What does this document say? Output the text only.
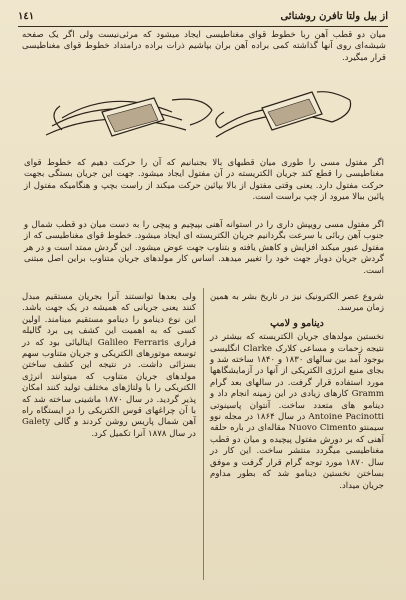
از بیل ولتا تافرن روشنائی
١٤١
میان دو قطب آهن ربا خطوط قوای مغناطیسی ایجاد میشود که مرئی‌نیست ولی اگر یک صفحه شیشه‌ای روی آنها گذاشته کمی براده آهن بران بپاشیم ذرات براده درامتداد خطوط قوای مغناطیسی قرار میگیرد.
اگر مفتول مسی را طوری میان قطبهای بالا بجنبانیم که آن را حرکت دهیم که خطوط قوای مغناطیسی را قطع کند جریان الکتریسته در آن مفتول ایجاد میشود. جهت این جریان بستگی بجهت حرکت مفتول دارد. یعنی وقتی مفتول از بالا بپائین حرکت میکند از راست بچپ و هنگامیکه مفتول از پائین ببالا میرود از چپ براست است.
اگر مفتول مسی رویپش داری را در استوانه آهنی بپیچیم و پیچی را به دست میان دو قطب شمال و جنوب آهن ربائی با سرعت بگردانیم جریان الکتریسته ای ایجاد میشود. خطوط قوای مغناطیسی که از مفتول عبور میکند افزایش و کاهش یافته و بتناوب جهت عوض میشود. این گردش ممتد است و در هر گردش جریان دوبار جهت خود را تغییر میدهد. اساس کار مولدهای جریان متناوب براین اصل مبتنی است.
شروع عصر الکترونیک نیز در تاریخ بشر به همین زمان میرسد.
دینامو و لامپ
نخستین مولدهای جریان الکتریسته که بیشتر در نتیجه زحمات و مساعی کلارک Clarke انگلیسی بوجود آمد بین سالهای ۱۸۳۰ و ۱۸۴۰ ساخته شد و بجای منبع انرژی الکتریکی از آنها در آزمایشگاهها مورد استفاده قرار گرفت. در سالهای بعد گرام Gramm کارهای زیادی در این زمینه انجام داد و دینامو های متعدد ساخت. آنتوان پاسینوتی Antoine Pacinotti در سال ۱۸۶۴ در مجله نوو سیمنتو Nuovo Cimento مقاله‌ای در باره حلقه آهنی که بر دورش مفتول پیچیده و میان دو قطب مغناطیسی میگردد منتشر ساخت. این کار در سال ۱۸۷۰ مورد توجه گرام قرار گرفت و موفق بساختن نخستین دینامو شد که بطور مداوم جریان میداد.
ولی بعدها توانستند آنرا بجریان مستقیم مبدل کنند یعنی جریانی که همیشه در یک جهت باشد. این نوع دینامو را دینامو مستقیم مینامند. اولین کسی که به اهمیت این کشف پی برد گالیله فراری Galileo Ferraris ایتالیائی بود که در توسعه موتورهای الکتریکی و جریان متناوب سهم بسزائی داشت. در نتیجه این کشف ساختن مولدهای جریان متناوب که میتوانند انرژی الکتریکی را با ولتاژهای مختلف تولید کنند امکان پذیر گردید. در سال ۱۸۷۰ ماشینی ساخته شد که با آن چراغهای قوس الکتریکی را در ایستگاه راه آهن شمال پاریس روشن کردند و گالی Galety در سال ۱۸۷۸ آنرا تکمیل کرد.
